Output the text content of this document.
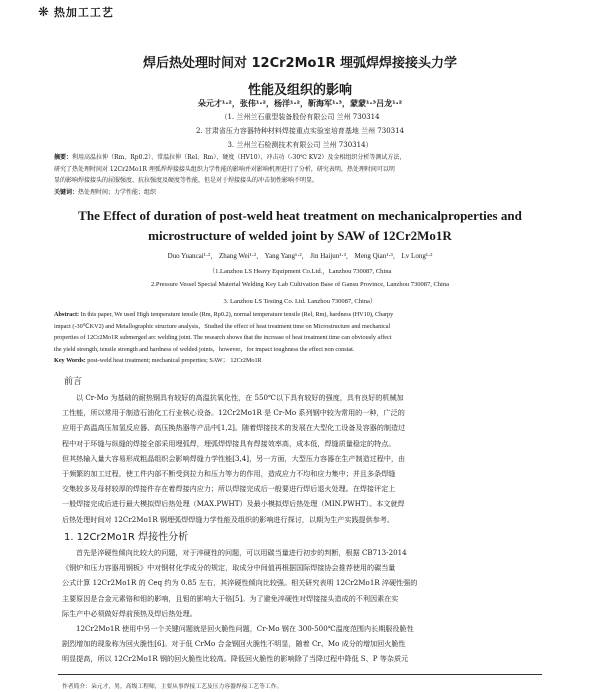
❋ 热加工工艺
焊后热处理时间对 12Cr2Mo1R 埋弧焊焊接接头力学
性能及组织的影响
朵元才¹·²，张伟¹·²，杨洋¹·²，靳海军¹·³，蒙蒙¹·³吕龙¹·²
（1. 兰州兰石重型装备股份有限公司 兰州 730314
2. 甘肃省压力容器特种材料焊接重点实验室培育基地 兰州 730314
3. 兰州兰石检测技术有限公司 兰州 730314）
摘要：利用高温拉伸（Rm、Rp0.2）、常温拉伸（Rel、Rm）、硬度（HV10）、冲击功（-30℃ KV2）及金相组织分析等测试方法，
研究了热处理时间对 12Cr2Mo1R 埋弧焊焊接接头组织力学性能的影响并对影响机理进行了分析，研究表明，热处理时间可以明
显的影响焊接接头的屈服强度、抗拉强度及硬度等性能，但是对于焊接接头的冲击韧性影响不明显。
关键词：热处理时间；力学性能；组织
The Effect of duration of post-weld heat treatment on mechanicalproperties and
microstructure of welded joint by SAW of 12Cr2Mo1R
Duo Yuancai¹·²， Zhang Wei¹·²， Yang Yang¹·²， Jin Haijun¹·³， Meng Qian¹·³， Lv Long¹·²
（1.Lanzhou LS Heavy Equipment Co.Ltd.，Lanzhou 730087, China
2.Pressure Vessel Special Material Welding Key Lab Cultivation Base of Gansu Province, Lanzhou 730087, China
3. Lanzhou LS Testing Co. Ltd. Lanzhou 730087, China）
Abstract: In this paper, We used High temperature tensile (Rm, Rp0.2), normal temperature tensile (Rel, Rm), hardness (HV10), Charpy
impact (-30℃KV2) and Metallographic structure analysis，Studied the effect of heat treatment time on Microstructure and mechanical
properties of 12Cr2Mo1R submerged arc welding joint. The research shows that the increase of heat treatment time can obviously affect
the yield strength, tensile strength and hardness of welded joints，however，for impact toughness the effect non constat.
Key Words: post-weld heat treatment; mechanical properties; SAW； 12Cr2Mo1R
前言
以 Cr-Mo 为基础的耐热钢具有较好的高温抗氧化性，在 550℃以下具有较好的强度，具有良好的机械加
工性能，所以常用于制造石油化工行业核心设备。12Cr2Mo1R 是 Cr-Mo 系列钢中较为常用的一种，广泛的
应用于高温高压加氢反应器、高压换热器等产品中[1,2]。随着焊接技术的发展在大型化工设备及容器的制造过
程中对于环缝与纵缝的焊接全部采用埋弧焊，埋弧焊焊接具有焊接效率高，成本低，焊缝质量稳定的特点。
但其热输入量大容易形成粗晶组织会影响焊缝力学性能[3,4]，另一方面，大型压力容器在生产制造过程中，由
于频繁的加工过程，使工件内部不断受到拉力和压力等力的作用，造成应力不均和应力集中；并且多条焊缝
交集较多及母材较厚的焊接件存在着焊接内应力；所以焊接完成后一般要进行焊后退火处理。在焊接评定上
一般焊接完成后进行最大模拟焊后热处理（MAX.PWHT）及最小模拟焊后热处理（MIN.PWHT）。本文就焊
后热处理时间对 12Cr2Mo1R 钢埋弧焊焊缝力学性能及组织的影响进行探讨，以期为生产实践提供参考。
1. 12Cr2Mo1R 焊接性分析
首先是淬硬性倾向比较大的问题，对于淬硬性的问题，可以用碳当量进行初步的判断，根据 CB713-2014
《钢炉和压力容器用钢板》中对钢材化学成分的规定，取成分中间值再根据国际焊接协会推荐使用的碳当量
公式计算 12Cr2Mo1R 的 Ceq 约为 0.85 左右，其淬硬性倾向比较强。相关研究表明 12Cr2Mo1R 淬硬性强的
主要原因是合金元素铬和钼的影响，且钼的影响大于铬[5]。为了避免淬硬性对焊接接头造成的不利因素在实
际生产中必须做好焊前预热及焊后热处理。
12Cr2Mo1R 使用中另一个关键问题就是回火脆性问题，Cr-Mo 钢在 300-500℃温度范围内长期服役脆性
剧烈增加的现象称为回火脆性[6]。对于低 CrMo 合金钢回火脆性不明显，随着 Cr、Mo 成分的增加回火脆性
明显提高，所以 12Cr2Mo1R 钢的回火脆性比较高。降低回火脆性的影响除了当降过程中降低 S、P 等杂质元
作者简介：朵元才，男，高级工程师，主要从事焊接工艺及压力容器焊接工艺等工作。
